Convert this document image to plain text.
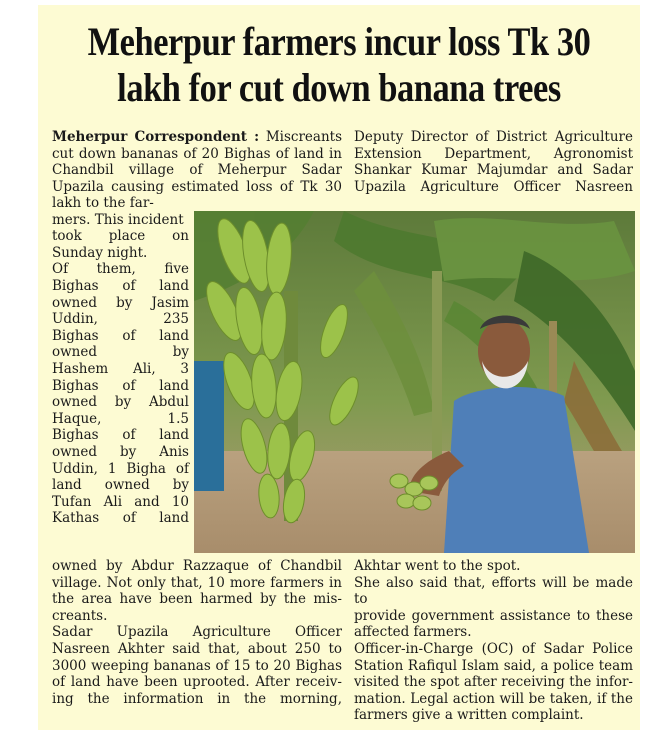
Meherpur farmers incur loss Tk 30
lakh for cut down banana trees
Meherpur Correspondent : Miscreants
cut down bananas of 20 Bighas of land in
Chandbil village of Meherpur Sadar
Upazila causing estimated loss of Tk 30
lakh to the far-
mers. This incident
took place on
Sunday night.
Of them, five
Bighas of land
owned by Jasim
Uddin, 235
Bighas of land
owned by
Hashem Ali, 3
Bighas of land
owned by Abdul
Haque, 1.5
Bighas of land
owned by Anis
Uddin, 1 Bigha of
land owned by
Tufan Ali and 10
Kathas of land
owned by Abdur Razzaque of Chandbil
village. Not only that, 10 more farmers in
the area have been harmed by the mis-
creants.
Sadar Upazila Agriculture Officer
Nasreen Akhter said that, about 250 to
3000 weeping bananas of 15 to 20 Bighas
of land have been uprooted. After receiv-
ing the information in the morning,
Deputy Director of District Agriculture
Extension Department, Agronomist
Shankar Kumar Majumdar and Sadar
Upazila Agriculture Officer Nasreen
Akhtar went to the spot.
She also said that, efforts will be made to
provide government assistance to these
affected farmers.
Officer-in-Charge (OC) of Sadar Police
Station Rafiqul Islam said, a police team
visited the spot after receiving the infor-
mation. Legal action will be taken, if the
farmers give a written complaint.
